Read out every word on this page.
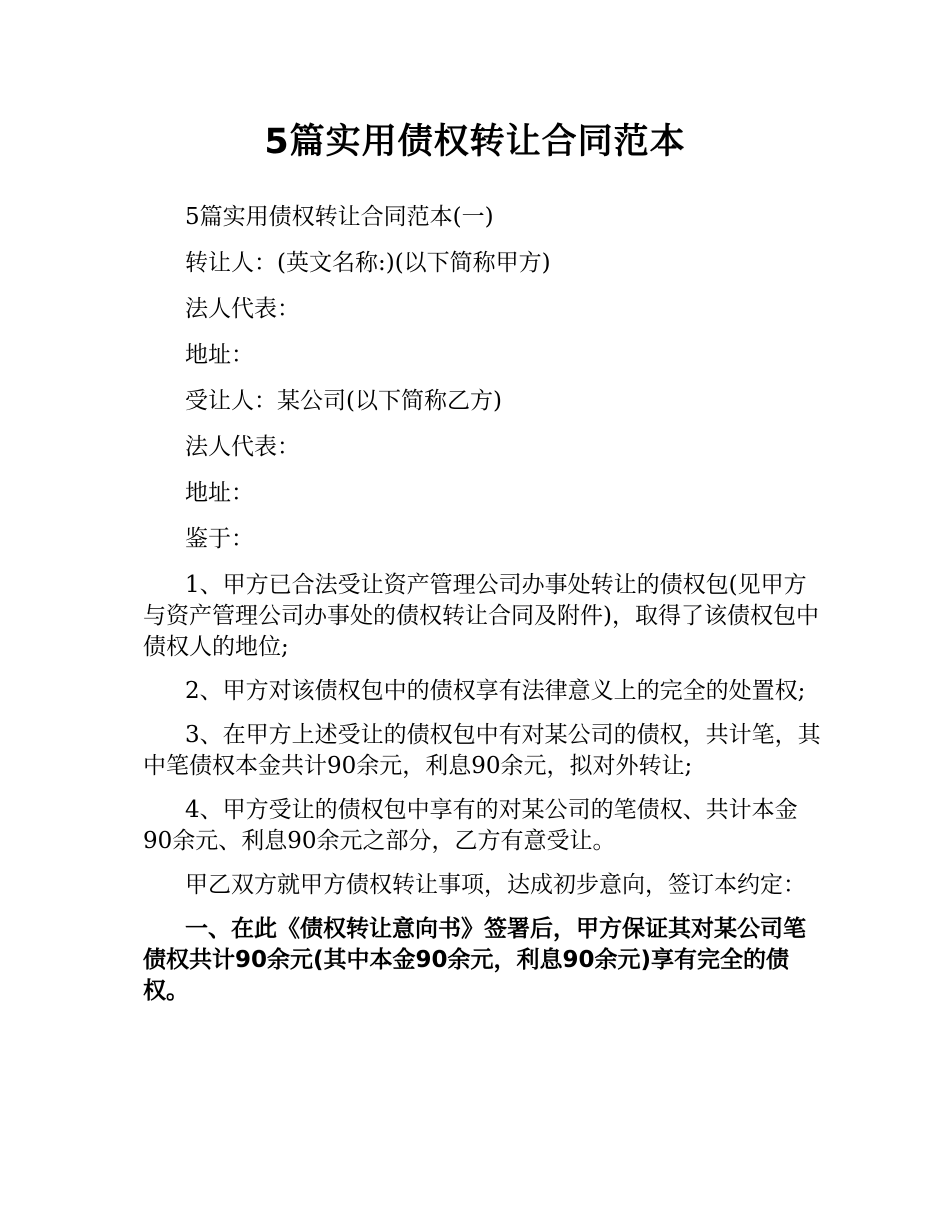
5篇实用债权转让合同范本

5篇实用债权转让合同范本(一)

转让人：(英文名称:)(以下简称甲方)

法人代表：

地址：

受让人：某公司(以下简称乙方)

法人代表：

地址：

鉴于：

1、甲方已合法受让资产管理公司办事处转让的债权包(见甲方与资产管理公司办事处的债权转让合同及附件)，取得了该债权包中债权人的地位;

2、甲方对该债权包中的债权享有法律意义上的完全的处置权;

3、在甲方上述受让的债权包中有对某公司的债权，共计笔，其中笔债权本金共计90余元，利息90余元，拟对外转让;

4、甲方受让的债权包中享有的对某公司的笔债权、共计本金90余元、利息90余元之部分，乙方有意受让。

甲乙双方就甲方债权转让事项，达成初步意向，签订本约定：

一、在此《债权转让意向书》签署后，甲方保证其对某公司笔债权共计90余元(其中本金90余元，利息90余元)享有完全的债权。
